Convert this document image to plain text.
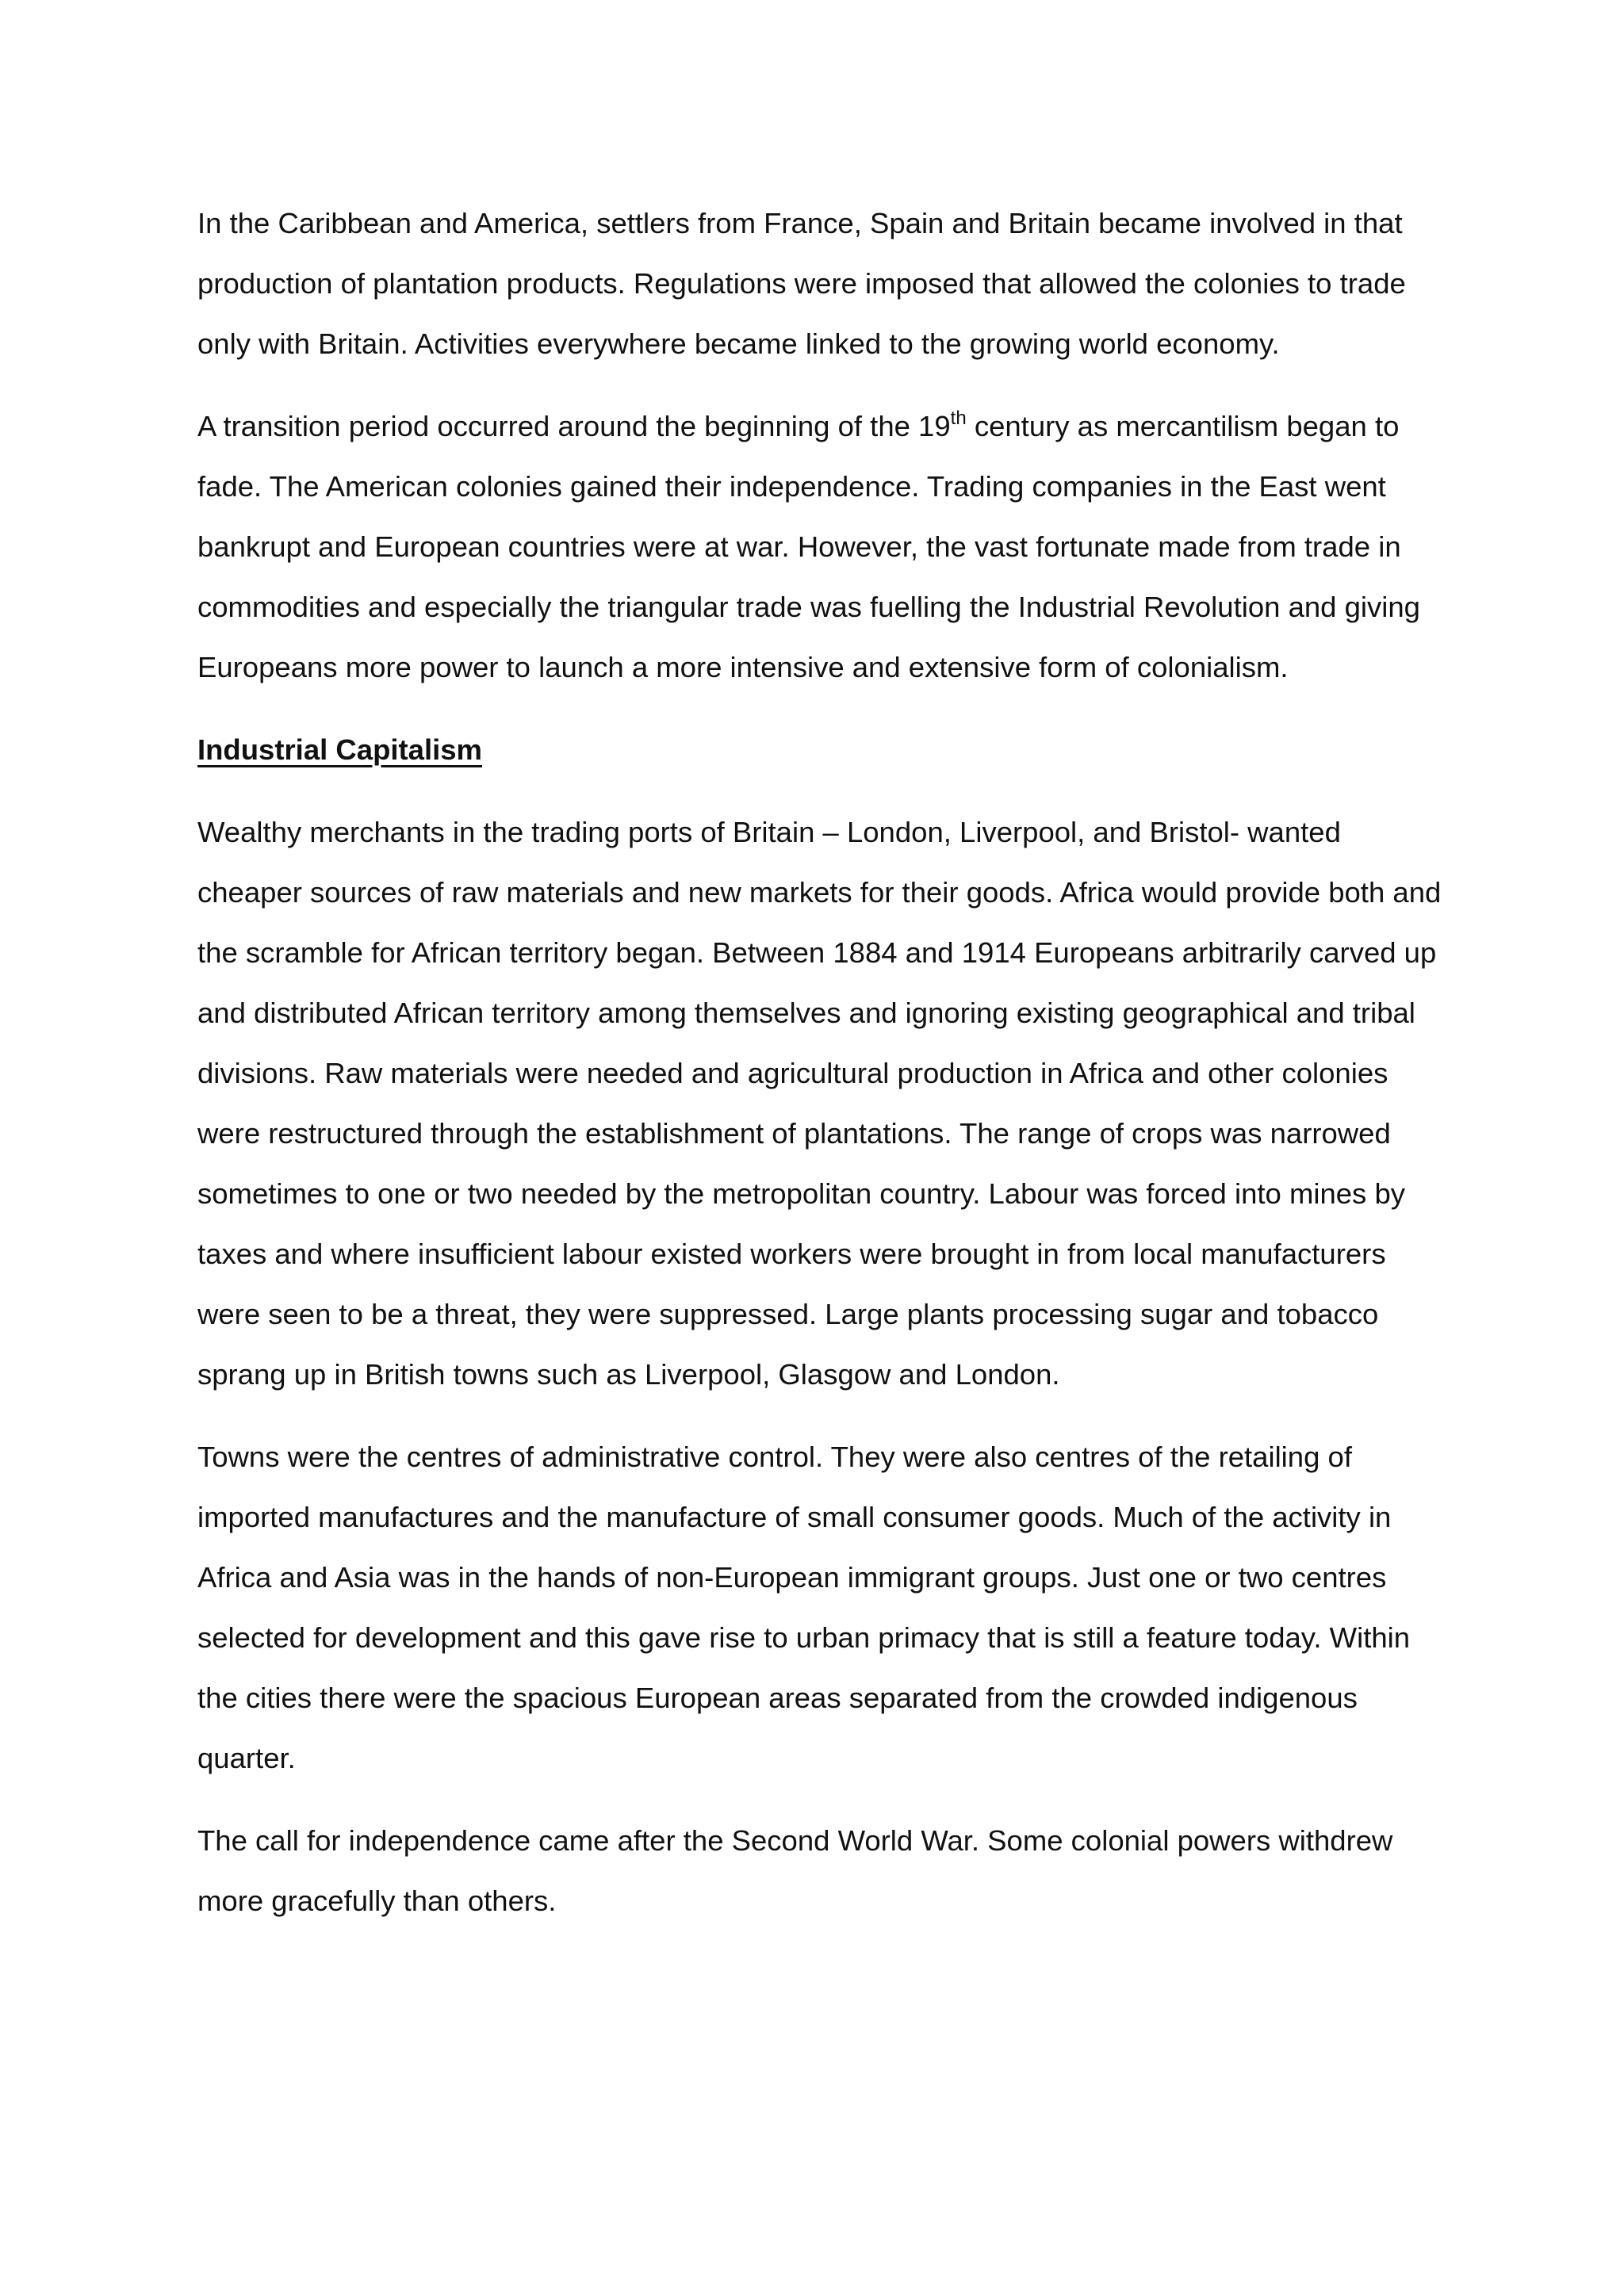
In the Caribbean and America, settlers from France, Spain and Britain became involved in that production of plantation products. Regulations were imposed that allowed the colonies to trade only with Britain. Activities everywhere became linked to the growing world economy.

A transition period occurred around the beginning of the 19th century as mercantilism began to fade. The American colonies gained their independence. Trading companies in the East went bankrupt and European countries were at war. However, the vast fortunate made from trade in commodities and especially the triangular trade was fuelling the Industrial Revolution and giving Europeans more power to launch a more intensive and extensive form of colonialism.

Industrial Capitalism

Wealthy merchants in the trading ports of Britain – London, Liverpool, and Bristol- wanted cheaper sources of raw materials and new markets for their goods. Africa would provide both and the scramble for African territory began. Between 1884 and 1914 Europeans arbitrarily carved up and distributed African territory among themselves and ignoring existing geographical and tribal divisions. Raw materials were needed and agricultural production in Africa and other colonies were restructured through the establishment of plantations. The range of crops was narrowed sometimes to one or two needed by the metropolitan country. Labour was forced into mines by taxes and where insufficient labour existed workers were brought in from local manufacturers were seen to be a threat, they were suppressed. Large plants processing sugar and tobacco sprang up in British towns such as Liverpool, Glasgow and London.

Towns were the centres of administrative control. They were also centres of the retailing of imported manufactures and the manufacture of small consumer goods. Much of the activity in Africa and Asia was in the hands of non-European immigrant groups. Just one or two centres selected for development and this gave rise to urban primacy that is still a feature today. Within the cities there were the spacious European areas separated from the crowded indigenous quarter.

The call for independence came after the Second World War. Some colonial powers withdrew more gracefully than others.
